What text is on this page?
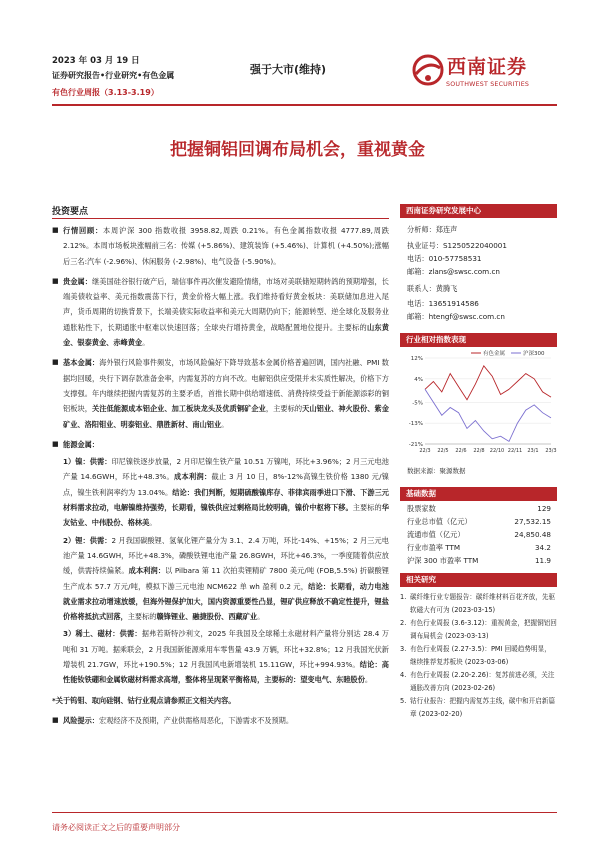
2023 年 03 月 19 日
证券研究报告•行业研究•有色金属
有色行业周报（3.13-3.19）
强于大市(维持)	西南证券
SOUTHWEST SECURITIES
把握铜铝回调布局机会，重视黄金
投资要点

■ 行情回顾：本周沪深 300 指数收报 3958.82,周跌 0.21%。有色金属指数收报 4777.89,周跌 2.12%。本周市场板块涨幅前三名：传媒 (+5.86%)、建筑装饰 (+5.46%)、计算机 (+4.50%);涨幅后三名:汽车 (-2.96%)、休闲服务 (-2.98%)、电气设备 (-5.90%)。

■ 贵金属：继美国硅谷银行破产后，瑞信事件再次催发避险情绪，市场对美联储短期转鸽的预期增强，长端美债收益率、美元指数震荡下行，黄金价格大幅上涨。我们维持看好黄金板块：美联储加息进入尾声，货币周期的切换背景下，长端美债实际收益率和美元大周期仍向下；能源转型、逆全球化及服务业通胀粘性下，长期通胀中枢难以快速回落；全球央行增持黄金，战略配置地位提升。主要标的山东黄金、银泰黄金、赤峰黄金。

■ 基本金属：海外银行风险事件频发，市场风险偏好下降导致基本金属价格普遍回调，国内社融、PMI 数据均回暖，央行下调存款准备金率，内需复苏的方向不改。电解铝供应受限并未实质性解决，价格下方支撑强。年内继续把握内需复苏的主要矛盾，首推长期中供给增速低、消费持续受益于新能源添彩的铜铝板块，关注低能源成本铝企业、加工板块龙头及优质铜矿企业，主要标的天山铝业、神火股份、紫金矿业、洛阳钼业、明泰铝业、鼎胜新材、南山铝业。

■ 能源金属：

1）镍：供需：印尼镍铁逐步放量，2 月印尼镍生铁产量 10.51 万镍吨，环比+3.96%；2 月三元电池产量 14.6GWH，环比+48.3%。成本利润：截止 3 月 10 日，8%-12%高镍生铁价格 1380 元/镍点，镍生铁利润率约为 13.04%。结论：我们判断，短期硫酸镍库存、菲律宾雨季进口下滑、下游三元材料需求拉动，电解镍维持强势，长期看，镍铁供应过剩格局比较明确，镍价中枢将下移。主要标的华友钴业、中伟股份、格林美。

2）锂：供需：2 月我国碳酸锂、氢氧化锂产量分为 3.1、2.4 万吨，环比-14%、+15%；2 月三元电池产量 14.6GWH，环比+48.3%，磷酸铁锂电池产量 26.8GWH，环比+46.3%，一季度随着供应放缓，供需持续偏紧。成本利润：以 Pilbara 第 11 次拍卖锂精矿 7800 美元/吨 (FOB,5.5%) 折碳酸锂生产成本 57.7 万元/吨，模拟下游三元电池 NCM622 单 wh 盈利 0.2 元，结论：长期看，动力电池就业需求拉动增速放缓，但海外锂保护加大，国内资源重要性凸显，锂矿供应释放不确定性提升，锂盐价格将抵抗式回落，主要标的赣锋锂业、融捷股份、西藏矿业。

3）稀土、磁材：供需：据弗若斯特沙利文，2025 年我国及全球稀土永磁材料产量将分别达 28.4 万吨和 31 万吨。据乘联会，2 月我国新能源乘用车零售量 43.9 万辆，环比+32.8%；12 月我国光伏新增装机 21.7GW，环比+190.5%；12 月我国风电新增装机 15.11GW，环比+994.93%。结论：高性能钕铁硼和金属软磁材料需求高增，整体将呈现紧平衡格局，主要标的：望变电气、东睦股份。

*关于钨钼、取向硅钢、钴行业观点请参照正文相关内容。

■ 风险提示：宏观经济不及预期，产业供需格局恶化，下游需求不及预期。

西南证券研究发展中心
分析师：郑连声
执业证号：S1250522040001
电话：010-57758531
邮箱：zlans@swsc.com.cn
联系人：黄腾飞
电话：13651914586
邮箱：htengf@swsc.com.cn
行业相对指数表现
12%
4%
-5%
-13%
-21%
22/3 22/5 22/6 22/8 22/10 22/11 23/1 23/3
有色金属	沪深300
数据来源：聚源数据
基础数据
股票家数	129
行业总市值（亿元）	27,532.15
流通市值（亿元）	24,850.48
行业市盈率 TTM	34.2
沪深 300 市盈率 TTM	11.9
相关研究
1. 碳纤维行业专题报告：碳纤维材料百花齐放，先驱软磁大有可为 (2023-03-15)
2. 有色行业周报 (3.6-3.12)：重视黄金，把握铜铝回调布局机会 (2023-03-13)
3. 有色行业周报 (2.27-3.5)：PMI 回暖趋势明显，继续推荐复苏板块 (2023-03-06)
4. 有色行业周报 (2.20-2.26)：复苏前进必须，关注通胀改善方向 (2023-02-26)
5. 钴行业报告：把握内需复苏主线，碳中和开启新篇章 (2023-02-20)
请务必阅读正文之后的重要声明部分
